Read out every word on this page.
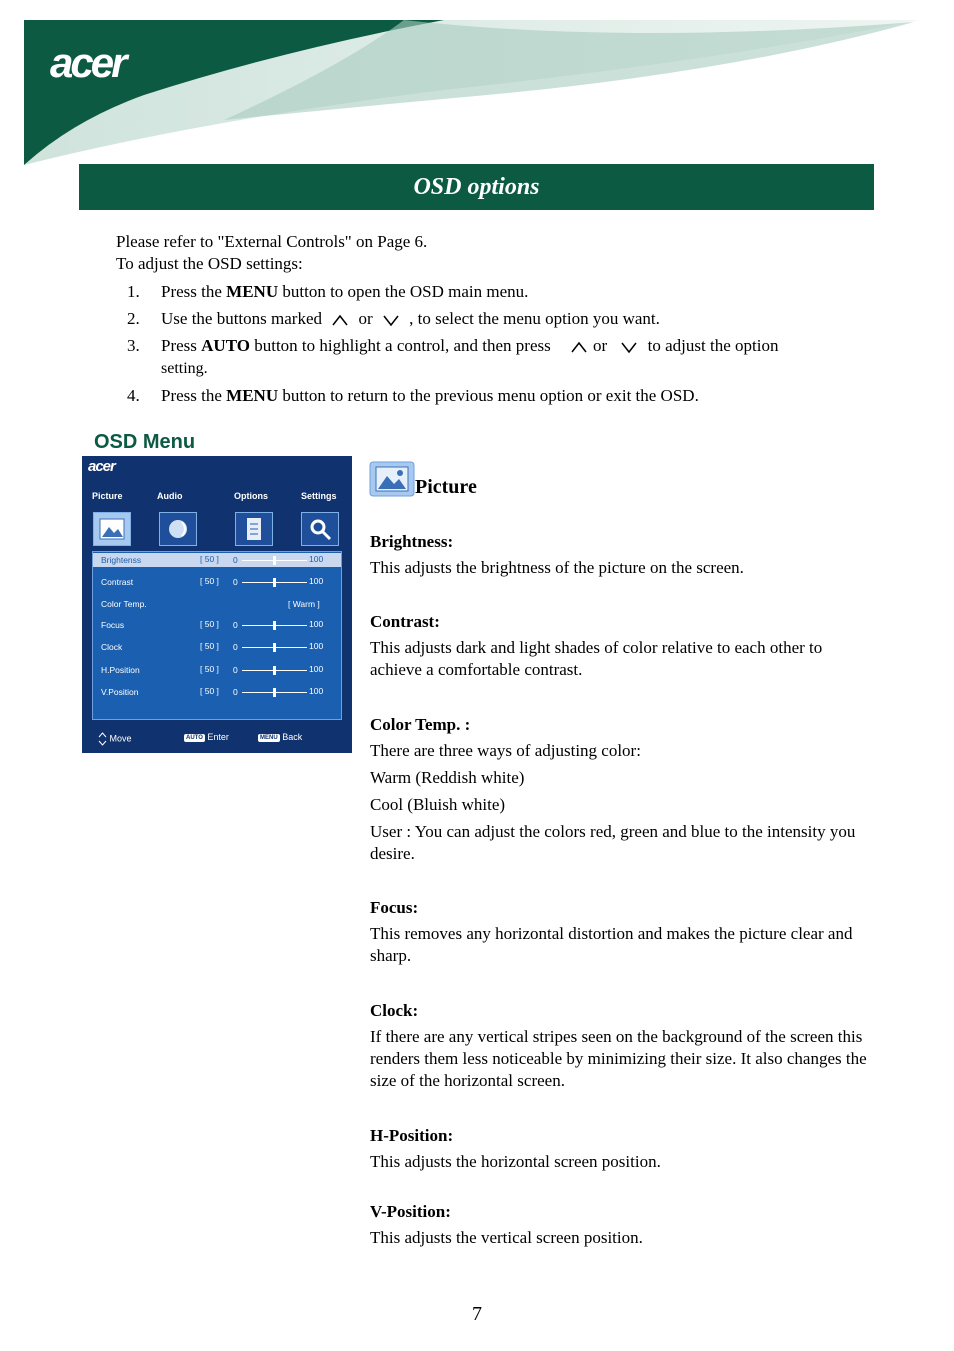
acer
OSD options
Please refer to "External Controls" on Page 6.
To adjust the OSD settings:
1. Press the MENU button to open the OSD main menu.
2. Use the buttons marked or , to select the menu option you want.
3. Press AUTO button to highlight a control, and then press or to adjust the option
setting.
4. Press the MENU button to return to the previous menu option or exit the OSD.
OSD Menu
acer
Picture	Audio	Options	Settings
Brightenss	[ 50 ] 0	100
Contrast	[ 50 ] 0	100
Color Temp.	[ Warm ]
Focus	[ 50 ] 0	100
Clock	[ 50 ] 0	100
H.Position	[ 50 ] 0	100
V.Position	[ 50 ] 0	100
Move	AUTO Enter	MENU Back
Picture
Brightness:

This adjusts the brightness of the picture on the screen.

Contrast:

This adjusts dark and light shades of color relative to each other to achieve a comfortable contrast.

Color Temp. :

There are three ways of adjusting color:

Warm (Reddish white)

Cool (Bluish white)

User : You can adjust the colors red, green and blue to the intensity you desire.

Focus:

This removes any horizontal distortion and makes the picture clear and sharp.

Clock:

If there are any vertical stripes seen on the background of the screen this renders them less noticeable by minimizing their size. It also changes the size of the horizontal screen.

H-Position:

This adjusts the horizontal screen position.

V-Position:

This adjusts the vertical screen position.

7
